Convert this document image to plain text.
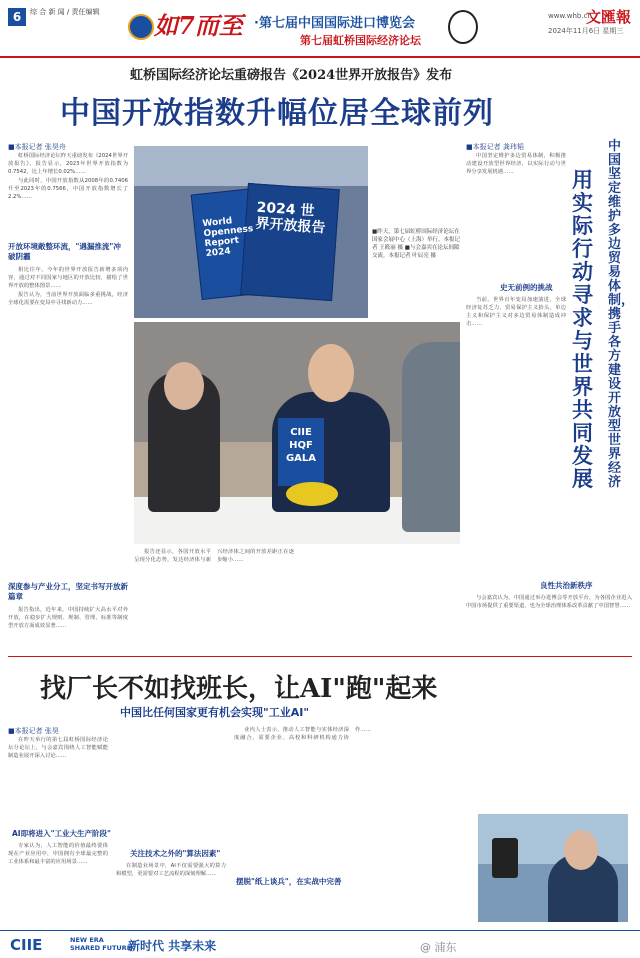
6	综 合 新 闻 / 责任编辑	如7而至 ·第七届中国国际进口博览会
第七届虹桥国际经济论坛
www.whb.cn
文匯報
2024年11月6日 星期三
虹桥国际经济论坛重磅报告《2024世界开放报告》发布
中国开放指数升幅位居全球前列
■本报记者 张昊舟

虹桥国际经济论坛昨天重磅发布《2024世界开放报告》，报告显示，2023年世界开放指数为0.7542，比上年增长0.02%……

与此同时，中国开放指数从2008年的0.7406升至2023年的0.7566，中国开放指数增长了2.2%……

开放环境敞整环流，"遇漏推流"冲破阴霾

相比往年，今年的世界开放报告新增多项内容，通过对不同国家与地区的开放比较，描绘了世界开放的整体图景……

报告认为，当前世界开放面临多重挑战，经济全球化需要在变局中寻找新动力……

深度参与产业分工，坚定书写开放新篇章

报告指出，近年来，中国持续扩大高水平对外开放，在稳步扩大规则、规制、管理、标准等制度型开放方面成效显著……

World Openness Report 2024
2024 世界开放报告	■昨天，第七届虹桥国际经济论坛在国家会展中心（上海）举行。本报记者 王筱丽 摄 ■与会嘉宾在论坛间隙交流。本报记者 叶辰亮 摄
CIIE HQF GALA

报告还显示，各国开放水平呈现分化态势，发达经济体与新兴经济体之间的开放差距正在逐步缩小……

■本报记者 龚玮韬

中国坚定维护多边贸易体制，积极推动建设开放型世界经济，以实际行动与世界分享发展机遇……

中国坚定维护多边贸易体制，携手各方建设开放型世界经济
用实际行动寻求与世界共同发展
史无前例的挑战

当前，世界百年变局加速演进，全球经济复苏乏力，贸易保护主义抬头，单边主义和保护主义对多边贸易体制造成冲击……

良性共治新秩序

与会嘉宾认为，中国通过举办进博会等开放平台，为各国企业进入中国市场提供了重要渠道，也为全球治理体系改革贡献了中国智慧……

找厂长不如找班长，让AI"跑"起来
中国比任何国家更有机会实现"工业AI"
■本报记者 张昊

在昨天举行的第七届虹桥国际经济论坛分论坛上，与会嘉宾围绕人工智能赋能制造业展开深入讨论……

AI即将进入"工业大生产阶段"

专家认为，人工智能的价值最终要体现在产业应用中，中国拥有全球最完整的工业体系和最丰富的应用场景……

关注技术之外的"算法因素"

在制造业场景中，AI不仅需要强大的算力和模型，更需要对工艺流程的深刻理解……

摆脱"纸上谈兵"，在实战中完善

业内人士表示，推动人工智能与实体经济深度融合，需要企业、高校和科研机构通力协作……

CIIE	NEW ERA
SHARED FUTURE
新时代 共享未来	@ 浦东
